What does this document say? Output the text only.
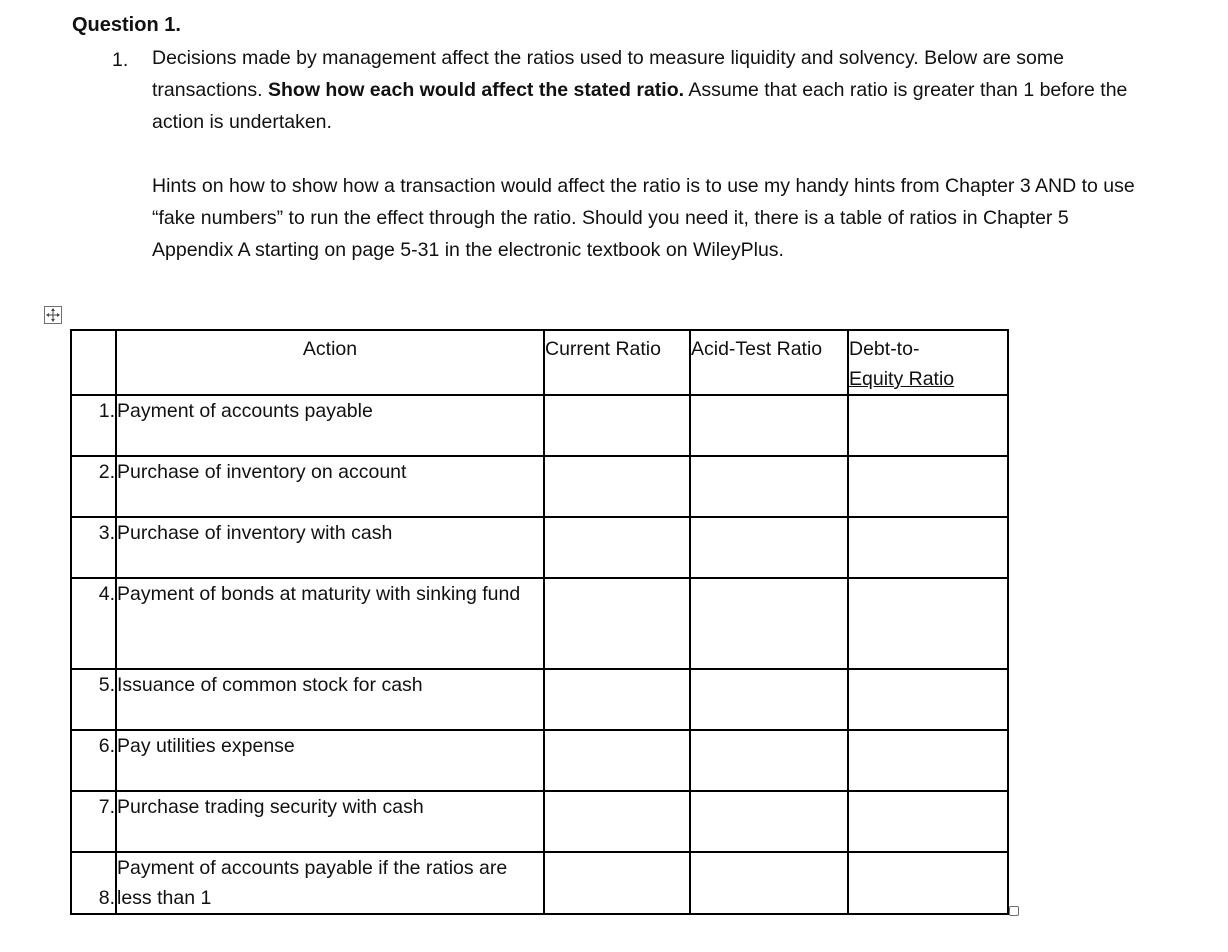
Question 1.
1. Decisions made by management affect the ratios used to measure liquidity and solvency. Below are some transactions. Show how each would affect the stated ratio. Assume that each ratio is greater than 1 before the action is undertaken.
Hints on how to show how a transaction would affect the ratio is to use my handy hints from Chapter 3 AND to use “fake numbers” to run the effect through the ratio. Should you need it, there is a table of ratios in Chapter 5 Appendix A starting on page 5-31 in the electronic textbook on WileyPlus.
	Action	Current Ratio	Acid-Test Ratio	Debt-to-
Equity Ratio
1.	Payment of accounts payable			
2.	Purchase of inventory on account			
3.	Purchase of inventory with cash			
4.	Payment of bonds at maturity with sinking fund			
5.	Issuance of common stock for cash			
6.	Pay utilities expense			
7.	Purchase trading security with cash			
8.	Payment of accounts payable if the ratios are less than 1			
